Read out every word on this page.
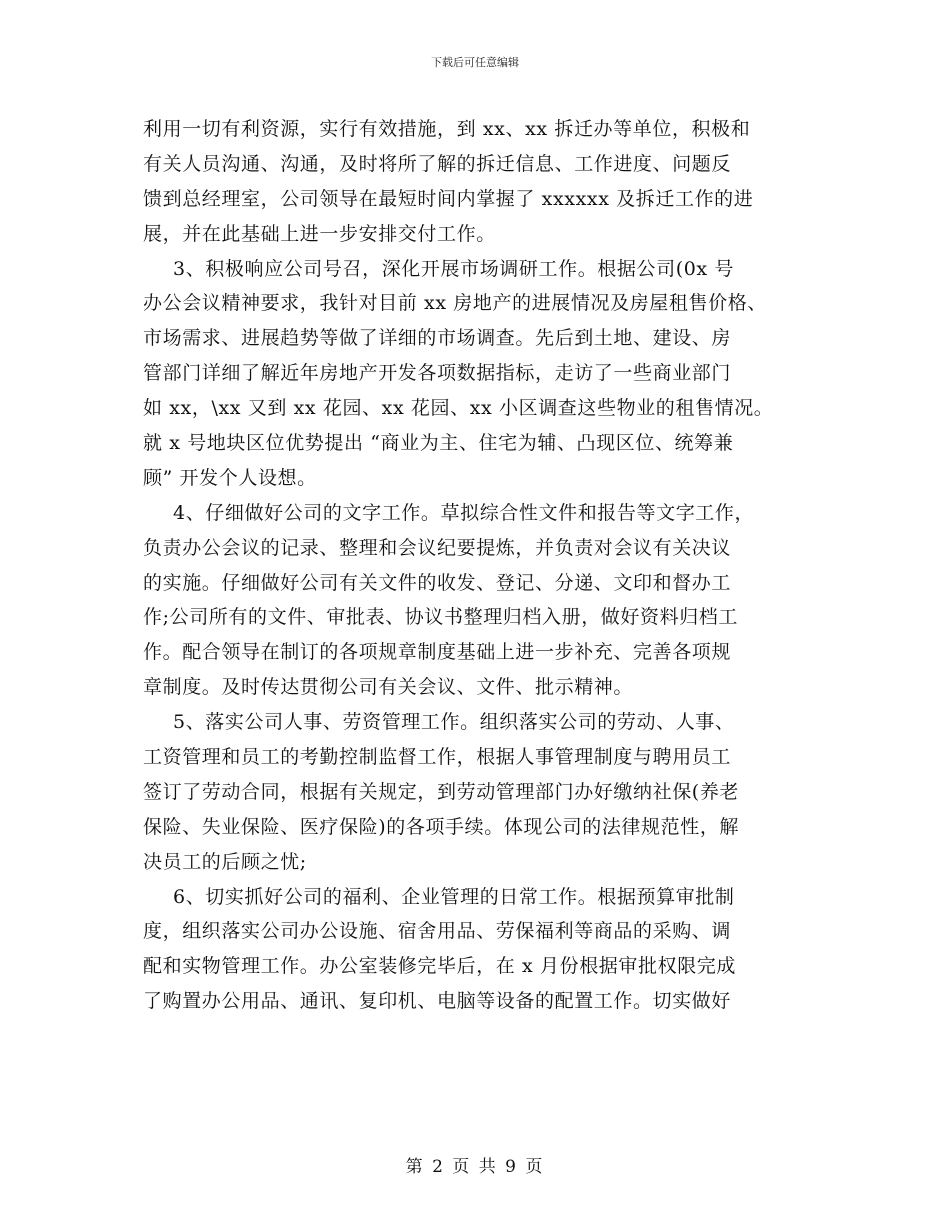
下载后可任意编辑
利用一切有利资源，实行有效措施，到 xx、xx 拆迁办等单位，积极和
有关人员沟通、沟通，及时将所了解的拆迁信息、工作进度、问题反
馈到总经理室，公司领导在最短时间内掌握了 xxxxxx 及拆迁工作的进
展，并在此基础上进一步安排交付工作。
3、积极响应公司号召，深化开展市场调研工作。根据公司(0x 号
办公会议精神要求，我针对目前 xx 房地产的进展情况及房屋租售价格、
市场需求、进展趋势等做了详细的市场调查。先后到土地、建设、房
管部门详细了解近年房地产开发各项数据指标，走访了一些商业部门
如 xx，\xx 又到 xx 花园、xx 花园、xx 小区调查这些物业的租售情况。
就 x 号地块区位优势提出 “商业为主、住宅为辅、凸现区位、统筹兼
顾” 开发个人设想。
4、仔细做好公司的文字工作。草拟综合性文件和报告等文字工作，
负责办公会议的记录、整理和会议纪要提炼，并负责对会议有关决议
的实施。仔细做好公司有关文件的收发、登记、分递、文印和督办工
作;公司所有的文件、审批表、协议书整理归档入册，做好资料归档工
作。配合领导在制订的各项规章制度基础上进一步补充、完善各项规
章制度。及时传达贯彻公司有关会议、文件、批示精神。
5、落实公司人事、劳资管理工作。组织落实公司的劳动、人事、
工资管理和员工的考勤控制监督工作，根据人事管理制度与聘用员工
签订了劳动合同，根据有关规定，到劳动管理部门办好缴纳社保(养老
保险、失业保险、医疗保险)的各项手续。体现公司的法律规范性，解
决员工的后顾之忧;
6、切实抓好公司的福利、企业管理的日常工作。根据预算审批制
度，组织落实公司办公设施、宿舍用品、劳保福利等商品的采购、调
配和实物管理工作。办公室装修完毕后，在 x 月份根据审批权限完成
了购置办公用品、通讯、复印机、电脑等设备的配置工作。切实做好
第 2 页 共 9 页
